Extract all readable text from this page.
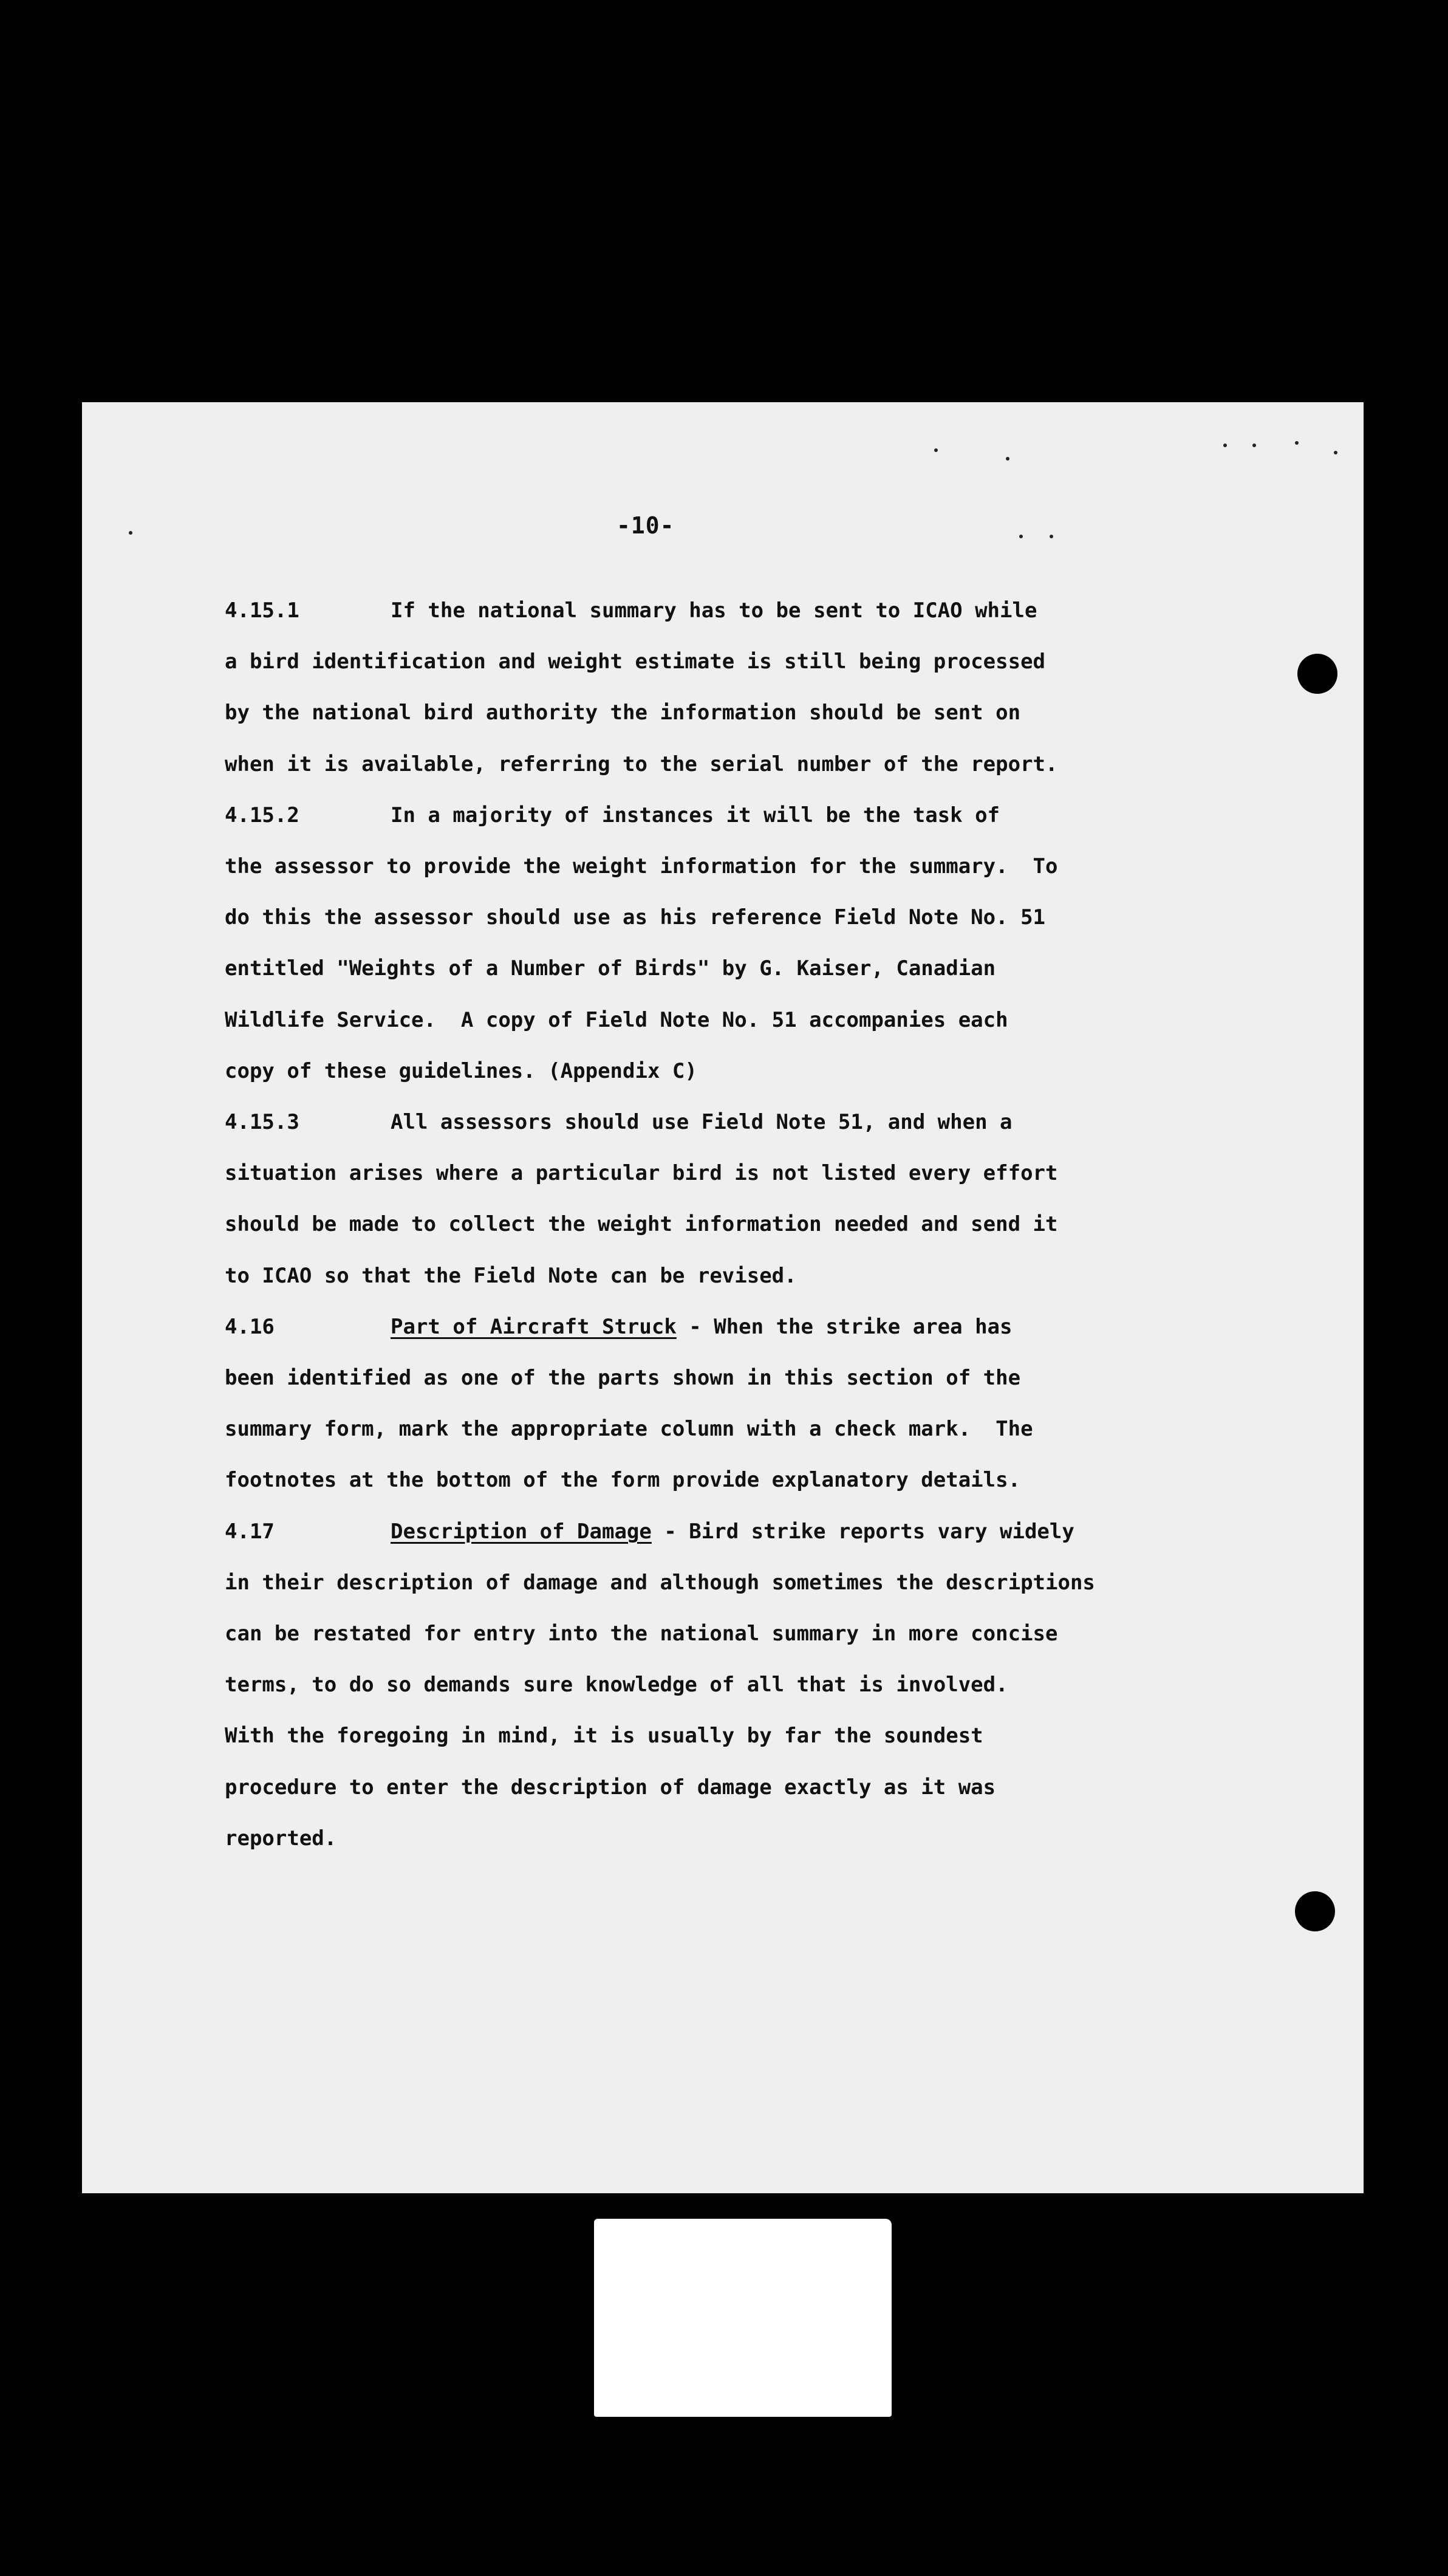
-10-
4.15.1	If the national summary has to be sent to ICAO while
a bird identification and weight estimate is still being processed
by the national bird authority the information should be sent on
when it is available, referring to the serial number of the report.
4.15.2	In a majority of instances it will be the task of
the assessor to provide the weight information for the summary.  To
do this the assessor should use as his reference Field Note No. 51
entitled "Weights of a Number of Birds" by G. Kaiser, Canadian
Wildlife Service.  A copy of Field Note No. 51 accompanies each
copy of these guidelines. (Appendix C)
4.15.3	All assessors should use Field Note 51, and when a
situation arises where a particular bird is not listed every effort
should be made to collect the weight information needed and send it
to ICAO so that the Field Note can be revised.
4.16	Part of Aircraft Struck - When the strike area has
been identified as one of the parts shown in this section of the
summary form, mark the appropriate column with a check mark.  The
footnotes at the bottom of the form provide explanatory details.
4.17	Description of Damage - Bird strike reports vary widely
in their description of damage and although sometimes the descriptions
can be restated for entry into the national summary in more concise
terms, to do so demands sure knowledge of all that is involved.
With the foregoing in mind, it is usually by far the soundest
procedure to enter the description of damage exactly as it was
reported.
